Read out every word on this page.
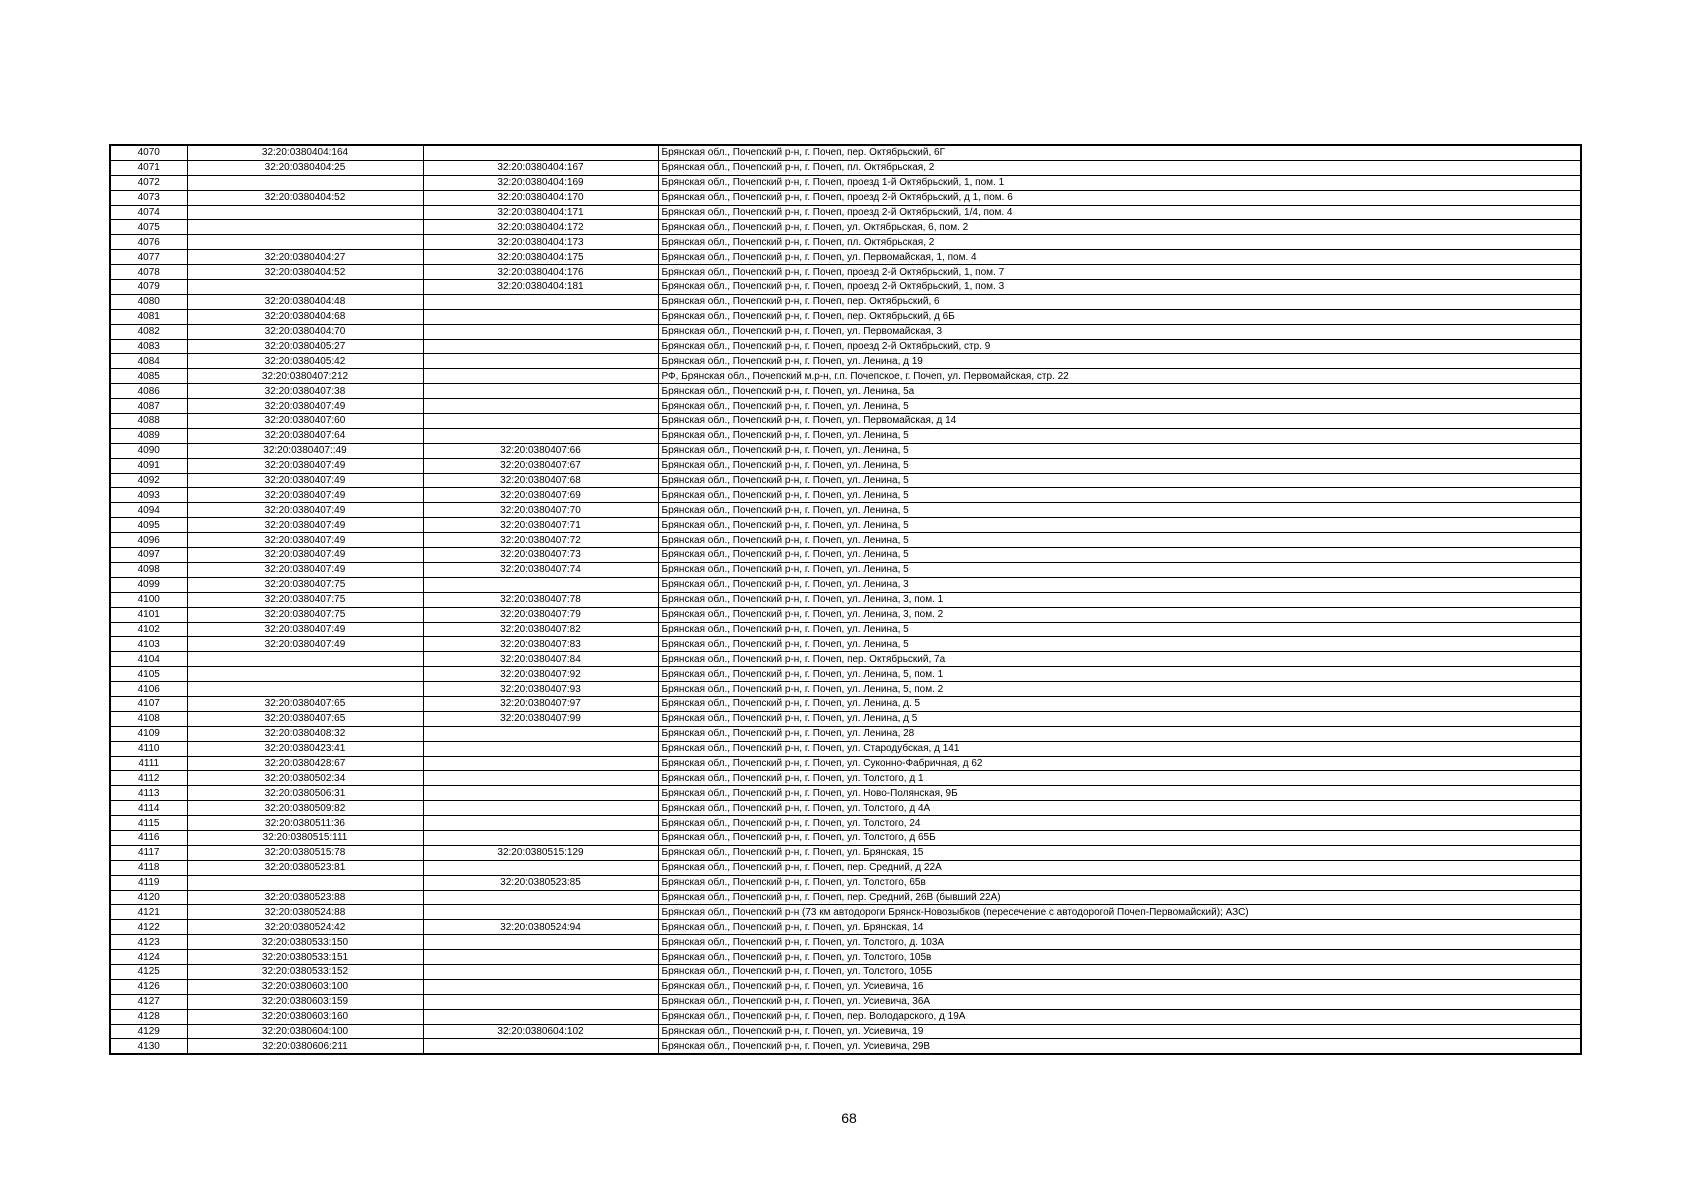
4070	32:20:0380404:164		Брянская обл., Почепский р-н, г. Почеп, пер. Октябрьский, 6Г
4071	32:20:0380404:25	32:20:0380404:167	Брянская обл., Почепский р-н, г. Почеп, пл. Октябрьская, 2
4072		32:20:0380404:169	Брянская обл., Почепский р-н, г. Почеп, проезд 1-й Октябрьский, 1, пом. 1
4073	32:20:0380404:52	32:20:0380404:170	Брянская обл., Почепский р-н, г. Почеп, проезд 2-й Октябрьский, д 1, пом. 6
4074		32:20:0380404:171	Брянская обл., Почепский р-н, г. Почеп, проезд 2-й Октябрьский, 1/4, пом. 4
4075		32:20:0380404:172	Брянская обл., Почепский р-н, г. Почеп, ул. Октябрьская, 6, пом. 2
4076		32:20:0380404:173	Брянская обл., Почепский р-н, г. Почеп, пл. Октябрьская, 2
4077	32:20:0380404:27	32:20:0380404:175	Брянская обл., Почепский р-н, г. Почеп, ул. Первомайская, 1, пом. 4
4078	32:20:0380404:52	32:20:0380404:176	Брянская обл., Почепский р-н, г. Почеп, проезд 2-й Октябрьский, 1, пом. 7
4079		32:20:0380404:181	Брянская обл., Почепский р-н, г. Почеп, проезд 2-й Октябрьский, 1, пом. 3
4080	32:20:0380404:48		Брянская обл., Почепский р-н, г. Почеп, пер. Октябрьский, 6
4081	32:20:0380404:68		Брянская обл., Почепский р-н, г. Почеп, пер. Октябрьский, д 6Б
4082	32:20:0380404:70		Брянская обл., Почепский р-н, г. Почеп, ул. Первомайская, 3
4083	32:20:0380405:27		Брянская обл., Почепский р-н, г. Почеп, проезд 2-й Октябрьский, стр. 9
4084	32:20:0380405:42		Брянская обл., Почепский р-н, г. Почеп, ул. Ленина, д 19
4085	32:20:0380407:212		РФ, Брянская обл., Почепский м.р-н, г.п. Почепское, г. Почеп, ул. Первомайская, стр. 22
4086	32:20:0380407:38		Брянская обл., Почепский р-н, г. Почеп, ул. Ленина, 5а
4087	32:20:0380407:49		Брянская обл., Почепский р-н, г. Почеп, ул. Ленина, 5
4088	32:20:0380407:60		Брянская обл., Почепский р-н, г. Почеп, ул. Первомайская, д 14
4089	32:20:0380407:64		Брянская обл., Почепский р-н, г. Почеп, ул. Ленина, 5
4090	32:20:0380407::49	32:20:0380407:66	Брянская обл., Почепский р-н, г. Почеп, ул. Ленина, 5
4091	32:20:0380407:49	32:20:0380407:67	Брянская обл., Почепский р-н, г. Почеп, ул. Ленина, 5
4092	32:20:0380407:49	32:20:0380407:68	Брянская обл., Почепский р-н, г. Почеп, ул. Ленина, 5
4093	32:20:0380407:49	32:20:0380407:69	Брянская обл., Почепский р-н, г. Почеп, ул. Ленина, 5
4094	32:20:0380407:49	32:20:0380407:70	Брянская обл., Почепский р-н, г. Почеп, ул. Ленина, 5
4095	32:20:0380407:49	32:20:0380407:71	Брянская обл., Почепский р-н, г. Почеп, ул. Ленина, 5
4096	32:20:0380407:49	32:20:0380407:72	Брянская обл., Почепский р-н, г. Почеп, ул. Ленина, 5
4097	32:20:0380407:49	32:20:0380407:73	Брянская обл., Почепский р-н, г. Почеп, ул. Ленина, 5
4098	32:20:0380407:49	32:20:0380407:74	Брянская обл., Почепский р-н, г. Почеп, ул. Ленина, 5
4099	32:20:0380407:75		Брянская обл., Почепский р-н, г. Почеп, ул. Ленина, 3
4100	32:20:0380407:75	32:20:0380407:78	Брянская обл., Почепский р-н, г. Почеп, ул. Ленина, 3, пом. 1
4101	32:20:0380407:75	32:20:0380407:79	Брянская обл., Почепский р-н, г. Почеп, ул. Ленина, 3, пом. 2
4102	32:20:0380407:49	32:20:0380407:82	Брянская обл., Почепский р-н, г. Почеп, ул. Ленина, 5
4103	32:20:0380407:49	32:20:0380407:83	Брянская обл., Почепский р-н, г. Почеп, ул. Ленина, 5
4104		32:20:0380407:84	Брянская обл., Почепский р-н, г. Почеп, пер. Октябрьский, 7а
4105		32:20:0380407:92	Брянская обл., Почепский р-н, г. Почеп, ул. Ленина, 5, пом. 1
4106		32:20:0380407:93	Брянская обл., Почепский р-н, г. Почеп, ул. Ленина, 5, пом. 2
4107	32:20:0380407:65	32:20:0380407:97	Брянская обл., Почепский р-н, г. Почеп, ул. Ленина, д. 5
4108	32:20:0380407:65	32:20:0380407:99	Брянская обл., Почепский р-н, г. Почеп, ул. Ленина, д 5
4109	32:20:0380408:32		Брянская обл., Почепский р-н, г. Почеп, ул. Ленина, 28
4110	32:20:0380423:41		Брянская обл., Почепский р-н, г. Почеп, ул. Стародубская, д 141
4111	32:20:0380428:67		Брянская обл., Почепский р-н, г. Почеп, ул. Суконно-Фабричная, д 62
4112	32:20:0380502:34		Брянская обл., Почепский р-н, г. Почеп, ул. Толстого, д 1
4113	32:20:0380506:31		Брянская обл., Почепский р-н, г. Почеп, ул. Ново-Полянская, 9Б
4114	32:20:0380509:82		Брянская обл., Почепский р-н, г. Почеп, ул. Толстого, д 4А
4115	32:20:0380511:36		Брянская обл., Почепский р-н, г. Почеп, ул. Толстого, 24
4116	32:20:0380515:111		Брянская обл., Почепский р-н, г. Почеп, ул. Толстого, д 65Б
4117	32:20:0380515:78	32:20:0380515:129	Брянская обл., Почепский р-н, г. Почеп, ул. Брянская, 15
4118	32:20:0380523:81		Брянская обл., Почепский р-н, г. Почеп, пер. Средний, д 22А
4119		32:20:0380523:85	Брянская обл., Почепский р-н, г. Почеп, ул. Толстого, 65в
4120	32:20:0380523:88		Брянская обл., Почепский р-н, г. Почеп, пер. Средний, 26В (бывший 22А)
4121	32:20:0380524:88		Брянская обл., Почепский р-н (73 км автодороги Брянск-Новозыбков (пересечение с автодорогой Почеп-Первомайский); АЗС)
4122	32:20:0380524:42	32:20:0380524:94	Брянская обл., Почепский р-н, г. Почеп, ул. Брянская, 14
4123	32:20:0380533:150		Брянская обл., Почепский р-н, г. Почеп, ул. Толстого, д. 103А
4124	32:20:0380533:151		Брянская обл., Почепский р-н, г. Почеп, ул. Толстого, 105в
4125	32:20:0380533:152		Брянская обл., Почепский р-н, г. Почеп, ул. Толстого, 105Б
4126	32:20:0380603:100		Брянская обл., Почепский р-н, г. Почеп, ул. Усиевича, 16
4127	32:20:0380603:159		Брянская обл., Почепский р-н, г. Почеп, ул. Усиевича, 36А
4128	32:20:0380603:160		Брянская обл., Почепский р-н, г. Почеп, пер. Володарского, д 19А
4129	32:20:0380604:100	32:20:0380604:102	Брянская обл., Почепский р-н, г. Почеп, ул. Усиевича, 19
4130	32:20:0380606:211		Брянская обл., Почепский р-н, г. Почеп, ул. Усиевича, 29В
68
